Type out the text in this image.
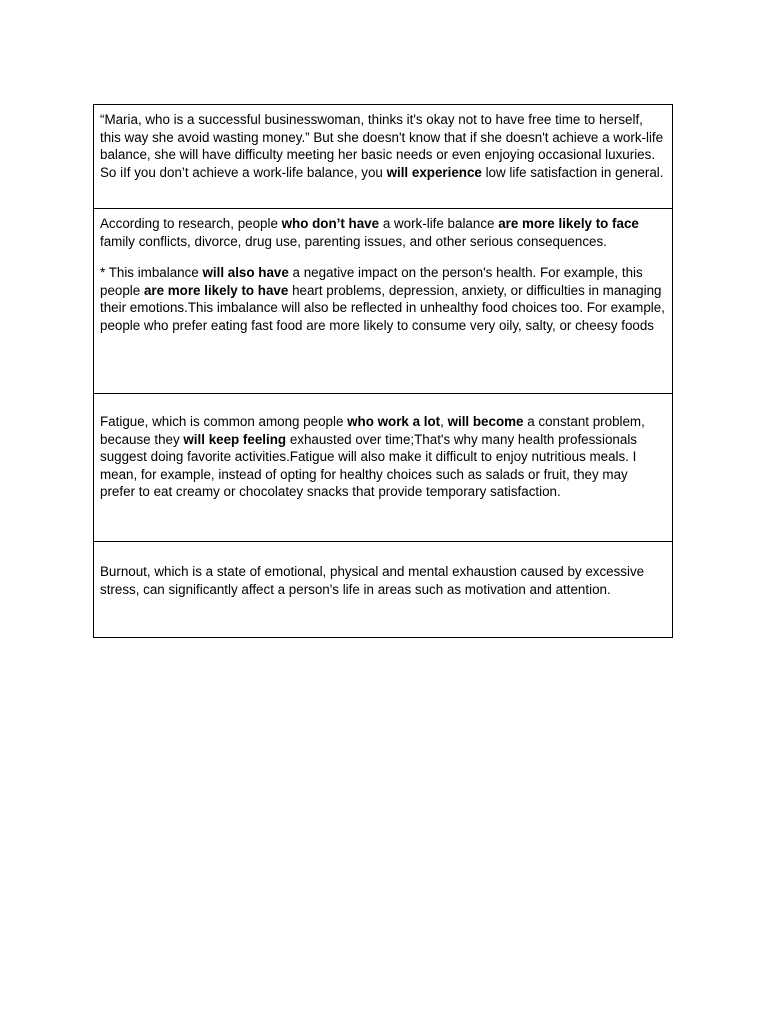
“Maria, who is a successful businesswoman, thinks it's okay not to have free time to herself, this way she avoid wasting money.” But she doesn't know that if she doesn't achieve a work-life balance, she will have difficulty meeting her basic needs or even enjoying occasional luxuries. So iIf you don’t achieve a work-life balance, you will experience low life satisfaction in general.

According to research, people who don’t have a work-life balance are more likely to face family conflicts, divorce, drug use, parenting issues, and other serious consequences.

* This imbalance will also have a negative impact on the person's health. For example, this people are more likely to have heart problems, depression, anxiety, or difficulties in managing their emotions.This imbalance will also be reflected in unhealthy food choices too. For example, people who prefer eating fast food are more likely to consume very oily, salty, or cheesy foods

Fatigue, which is common among people who work a lot, will become a constant problem, because they will keep feeling exhausted over time;That's why many health professionals suggest doing favorite activities.Fatigue will also make it difficult to enjoy nutritious meals. I mean, for example, instead of opting for healthy choices such as salads or fruit, they may prefer to eat creamy or chocolatey snacks that provide temporary satisfaction.

Burnout, which is a state of emotional, physical and mental exhaustion caused by excessive stress, can significantly affect a person's life in areas such as motivation and attention.
